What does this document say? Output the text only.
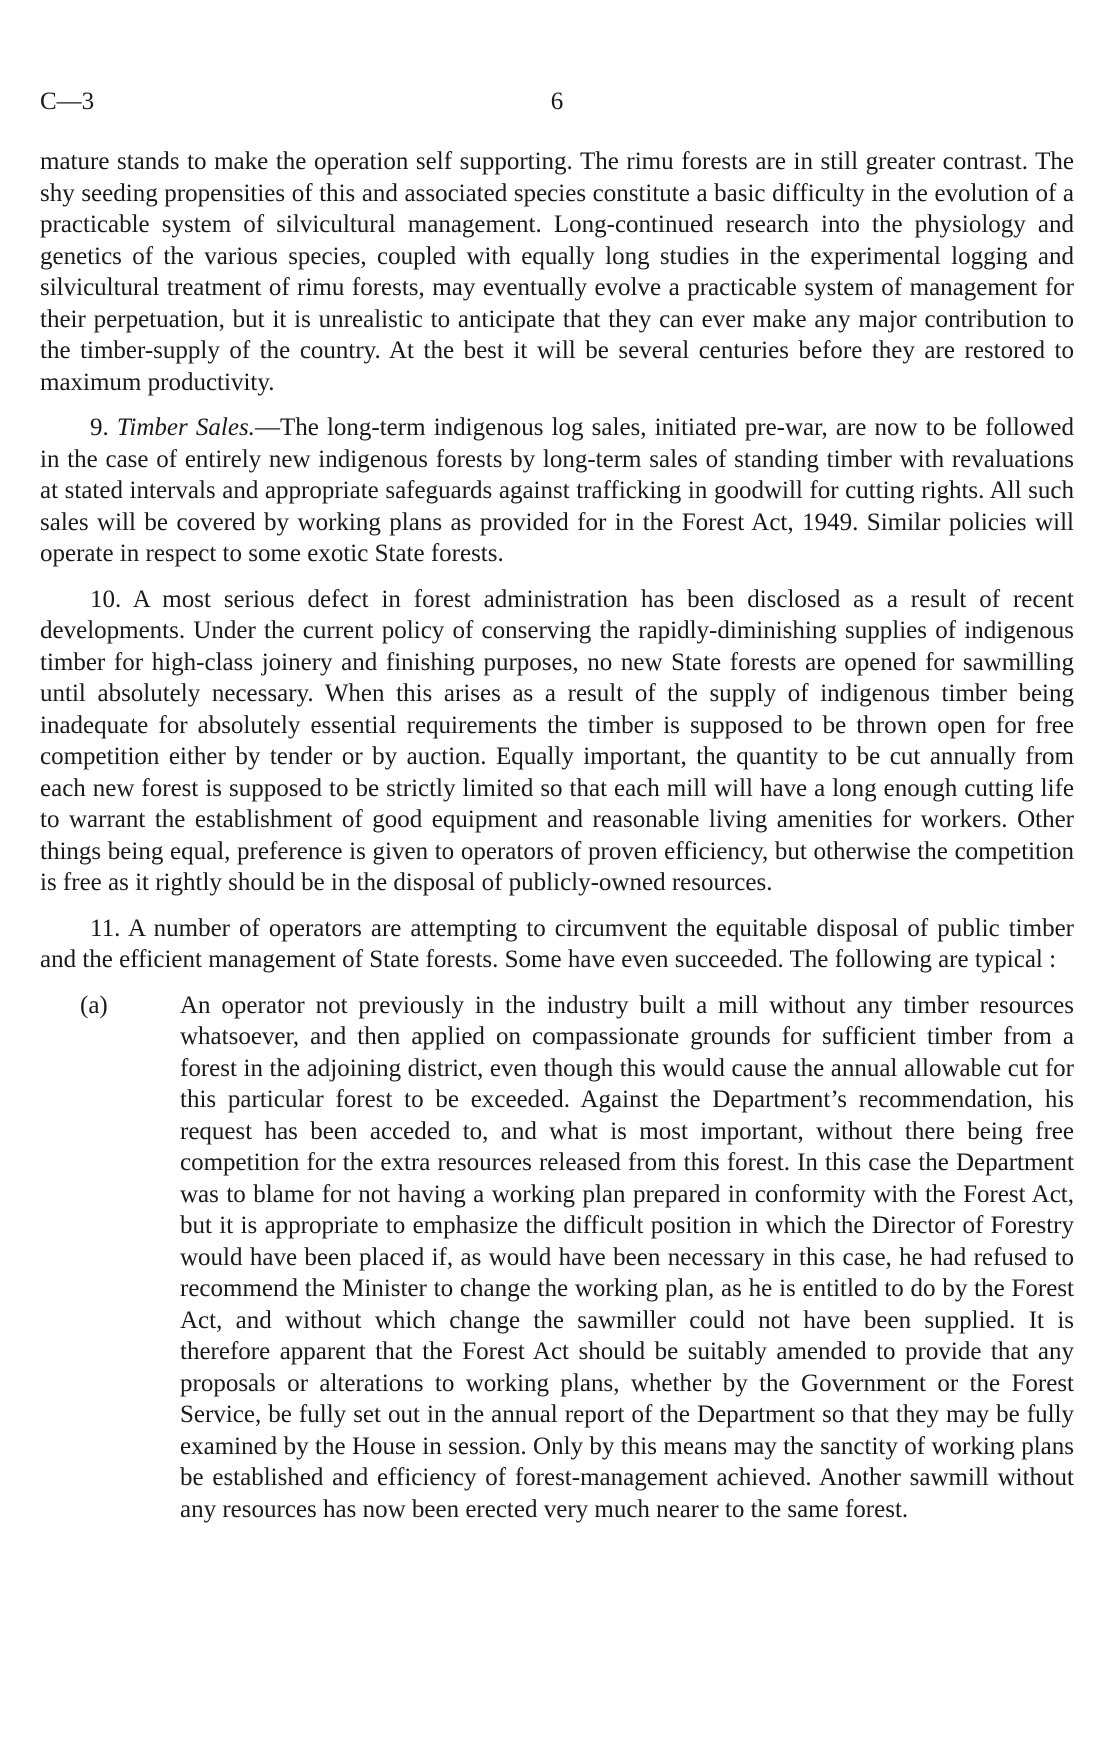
C—3	6

mature stands to make the operation self supporting. The rimu forests are in still greater contrast. The shy seeding propensities of this and associated species constitute a basic difficulty in the evolution of a practicable system of silvicultural management. Long-continued research into the physiology and genetics of the various species, coupled with equally long studies in the experimental logging and silvicultural treatment of rimu forests, may eventually evolve a practicable system of management for their perpetuation, but it is unrealistic to anticipate that they can ever make any major contribution to the timber-supply of the country. At the best it will be several centuries before they are restored to maximum productivity.

9. Timber Sales.—The long-term indigenous log sales, initiated pre-war, are now to be followed in the case of entirely new indigenous forests by long-term sales of standing timber with revaluations at stated intervals and appropriate safeguards against trafficking in goodwill for cutting rights. All such sales will be covered by working plans as provided for in the Forest Act, 1949. Similar policies will operate in respect to some exotic State forests.

10. A most serious defect in forest administration has been disclosed as a result of recent developments. Under the current policy of conserving the rapidly-diminishing supplies of indigenous timber for high-class joinery and finishing purposes, no new State forests are opened for sawmilling until absolutely necessary. When this arises as a result of the supply of indigenous timber being inadequate for absolutely essential requirements the timber is supposed to be thrown open for free competition either by tender or by auction. Equally important, the quantity to be cut annually from each new forest is supposed to be strictly limited so that each mill will have a long enough cutting life to warrant the establishment of good equipment and reasonable living amenities for workers. Other things being equal, preference is given to operators of proven efficiency, but otherwise the competition is free as it rightly should be in the disposal of publicly-owned resources.

11. A number of operators are attempting to circumvent the equitable disposal of public timber and the efficient management of State forests. Some have even succeeded. The following are typical :

(a)	An operator not previously in the industry built a mill without any timber resources whatsoever, and then applied on compassionate grounds for sufficient timber from a forest in the adjoining district, even though this would cause the annual allowable cut for this particular forest to be exceeded. Against the Department’s recommendation, his request has been acceded to, and what is most important, without there being free competition for the extra resources released from this forest. In this case the Department was to blame for not having a working plan prepared in conformity with the Forest Act, but it is appropriate to emphasize the difficult position in which the Director of Forestry would have been placed if, as would have been necessary in this case, he had refused to recommend the Minister to change the working plan, as he is entitled to do by the Forest Act, and without which change the sawmiller could not have been supplied. It is therefore apparent that the Forest Act should be suitably amended to provide that any proposals or alterations to working plans, whether by the Government or the Forest Service, be fully set out in the annual report of the Department so that they may be fully examined by the House in session. Only by this means may the sanctity of working plans be established and efficiency of forest-management achieved. Another sawmill without any resources has now been erected very much nearer to the same forest.
